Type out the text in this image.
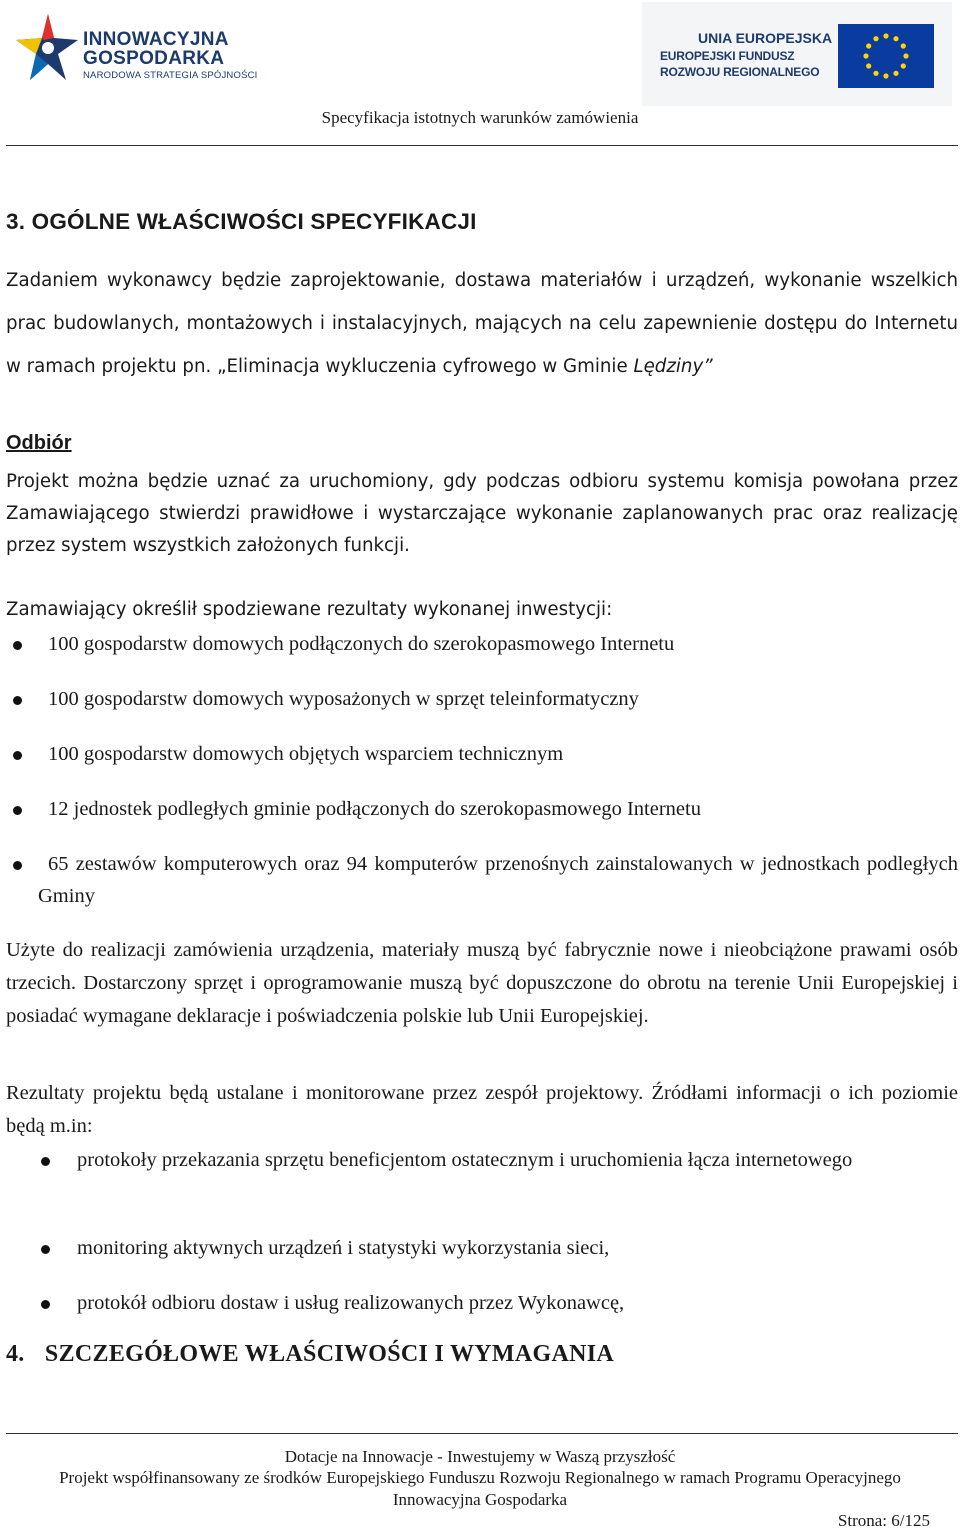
INNOWACYJNA
GOSPODARKA
NARODOWA STRATEGIA SPÓJNOŚCI
UNIA EUROPEJSKA
EUROPEJSKI FUNDUSZ
ROZWOJU REGIONALNEGO
Specyfikacja istotnych warunków zamówienia
3. OGÓLNE WŁAŚCIWOŚCI SPECYFIKACJI

Zadaniem wykonawcy będzie zaprojektowanie, dostawa materiałów i urządzeń, wykonanie wszelkich prac budowlanych, montażowych i instalacyjnych, mających na celu zapewnienie dostępu do Internetu w ramach projektu pn. „Eliminacja wykluczenia cyfrowego w Gminie Lędziny”

Odbiór

Projekt można będzie uznać za uruchomiony, gdy podczas odbioru systemu komisja powołana przez Zamawiającego stwierdzi prawidłowe i wystarczające wykonanie zaplanowanych prac oraz realizację przez system wszystkich założonych funkcji.

Zamawiający określił spodziewane rezultaty wykonanej inwestycji:

100 gospodarstw domowych podłączonych do szerokopasmowego Internetu
100 gospodarstw domowych wyposażonych w sprzęt teleinformatyczny
100 gospodarstw domowych objętych wsparciem technicznym
12 jednostek podległych gminie podłączonych do szerokopasmowego Internetu
65 zestawów komputerowych oraz 94 komputerów przenośnych zainstalowanych w jednostkach podległych Gminy

Użyte do realizacji zamówienia urządzenia, materiały muszą być fabrycznie nowe i nieobciążone prawami osób trzecich. Dostarczony sprzęt i oprogramowanie muszą być dopuszczone do obrotu na terenie Unii Europejskiej i posiadać wymagane deklaracje i poświadczenia polskie lub Unii Europejskiej.

Rezultaty projektu będą ustalane i monitorowane przez zespół projektowy. Źródłami informacji o ich poziomie będą m.in:

protokoły przekazania sprzętu beneficjentom ostatecznym i uruchomienia łącza internetowego
monitoring aktywnych urządzeń i statystyki wykorzystania sieci,
protokół odbioru dostaw i usług realizowanych przez Wykonawcę,
4. SZCZEGÓŁOWE WŁAŚCIWOŚCI I WYMAGANIA
Dotacje na Innowacje - Inwestujemy w Waszą przyszłość
Projekt współfinansowany ze środków Europejskiego Funduszu Rozwoju Regionalnego w ramach Programu Operacyjnego
Innowacyjna Gospodarka
Strona: 6/125
